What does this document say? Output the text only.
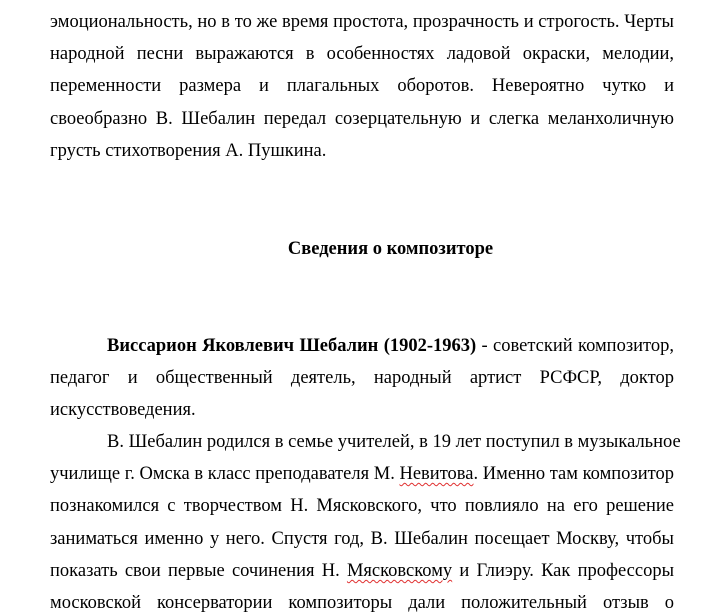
эмоциональность, но в то же время простота, прозрачность и строгость. Черты
народной песни выражаются в особенностях ладовой окраски, мелодии,
переменности размера и плагальных оборотов. Невероятно чутко и
своеобразно В. Шебалин передал созерцательную и слегка меланхоличную
грусть стихотворения А. Пушкина.
Сведения о композиторе
Виссарион Яковлевич Шебалин (1902-1963) - советский композитор,
педагог и общественный деятель, народный артист РСФСР, доктор
искусствоведения.
В. Шебалин родился в семье учителей, в 19 лет поступил в музыкальное
училище г. Омска в класс преподавателя М. Невитова. Именно там композитор
познакомился с творчеством Н. Мясковского, что повлияло на его решение
заниматься именно у него. Спустя год, В. Шебалин посещает Москву, чтобы
показать свои первые сочинения Н. Мясковскому и Глиэру. Как профессоры
московской консерватории композиторы дали положительный отзыв о
